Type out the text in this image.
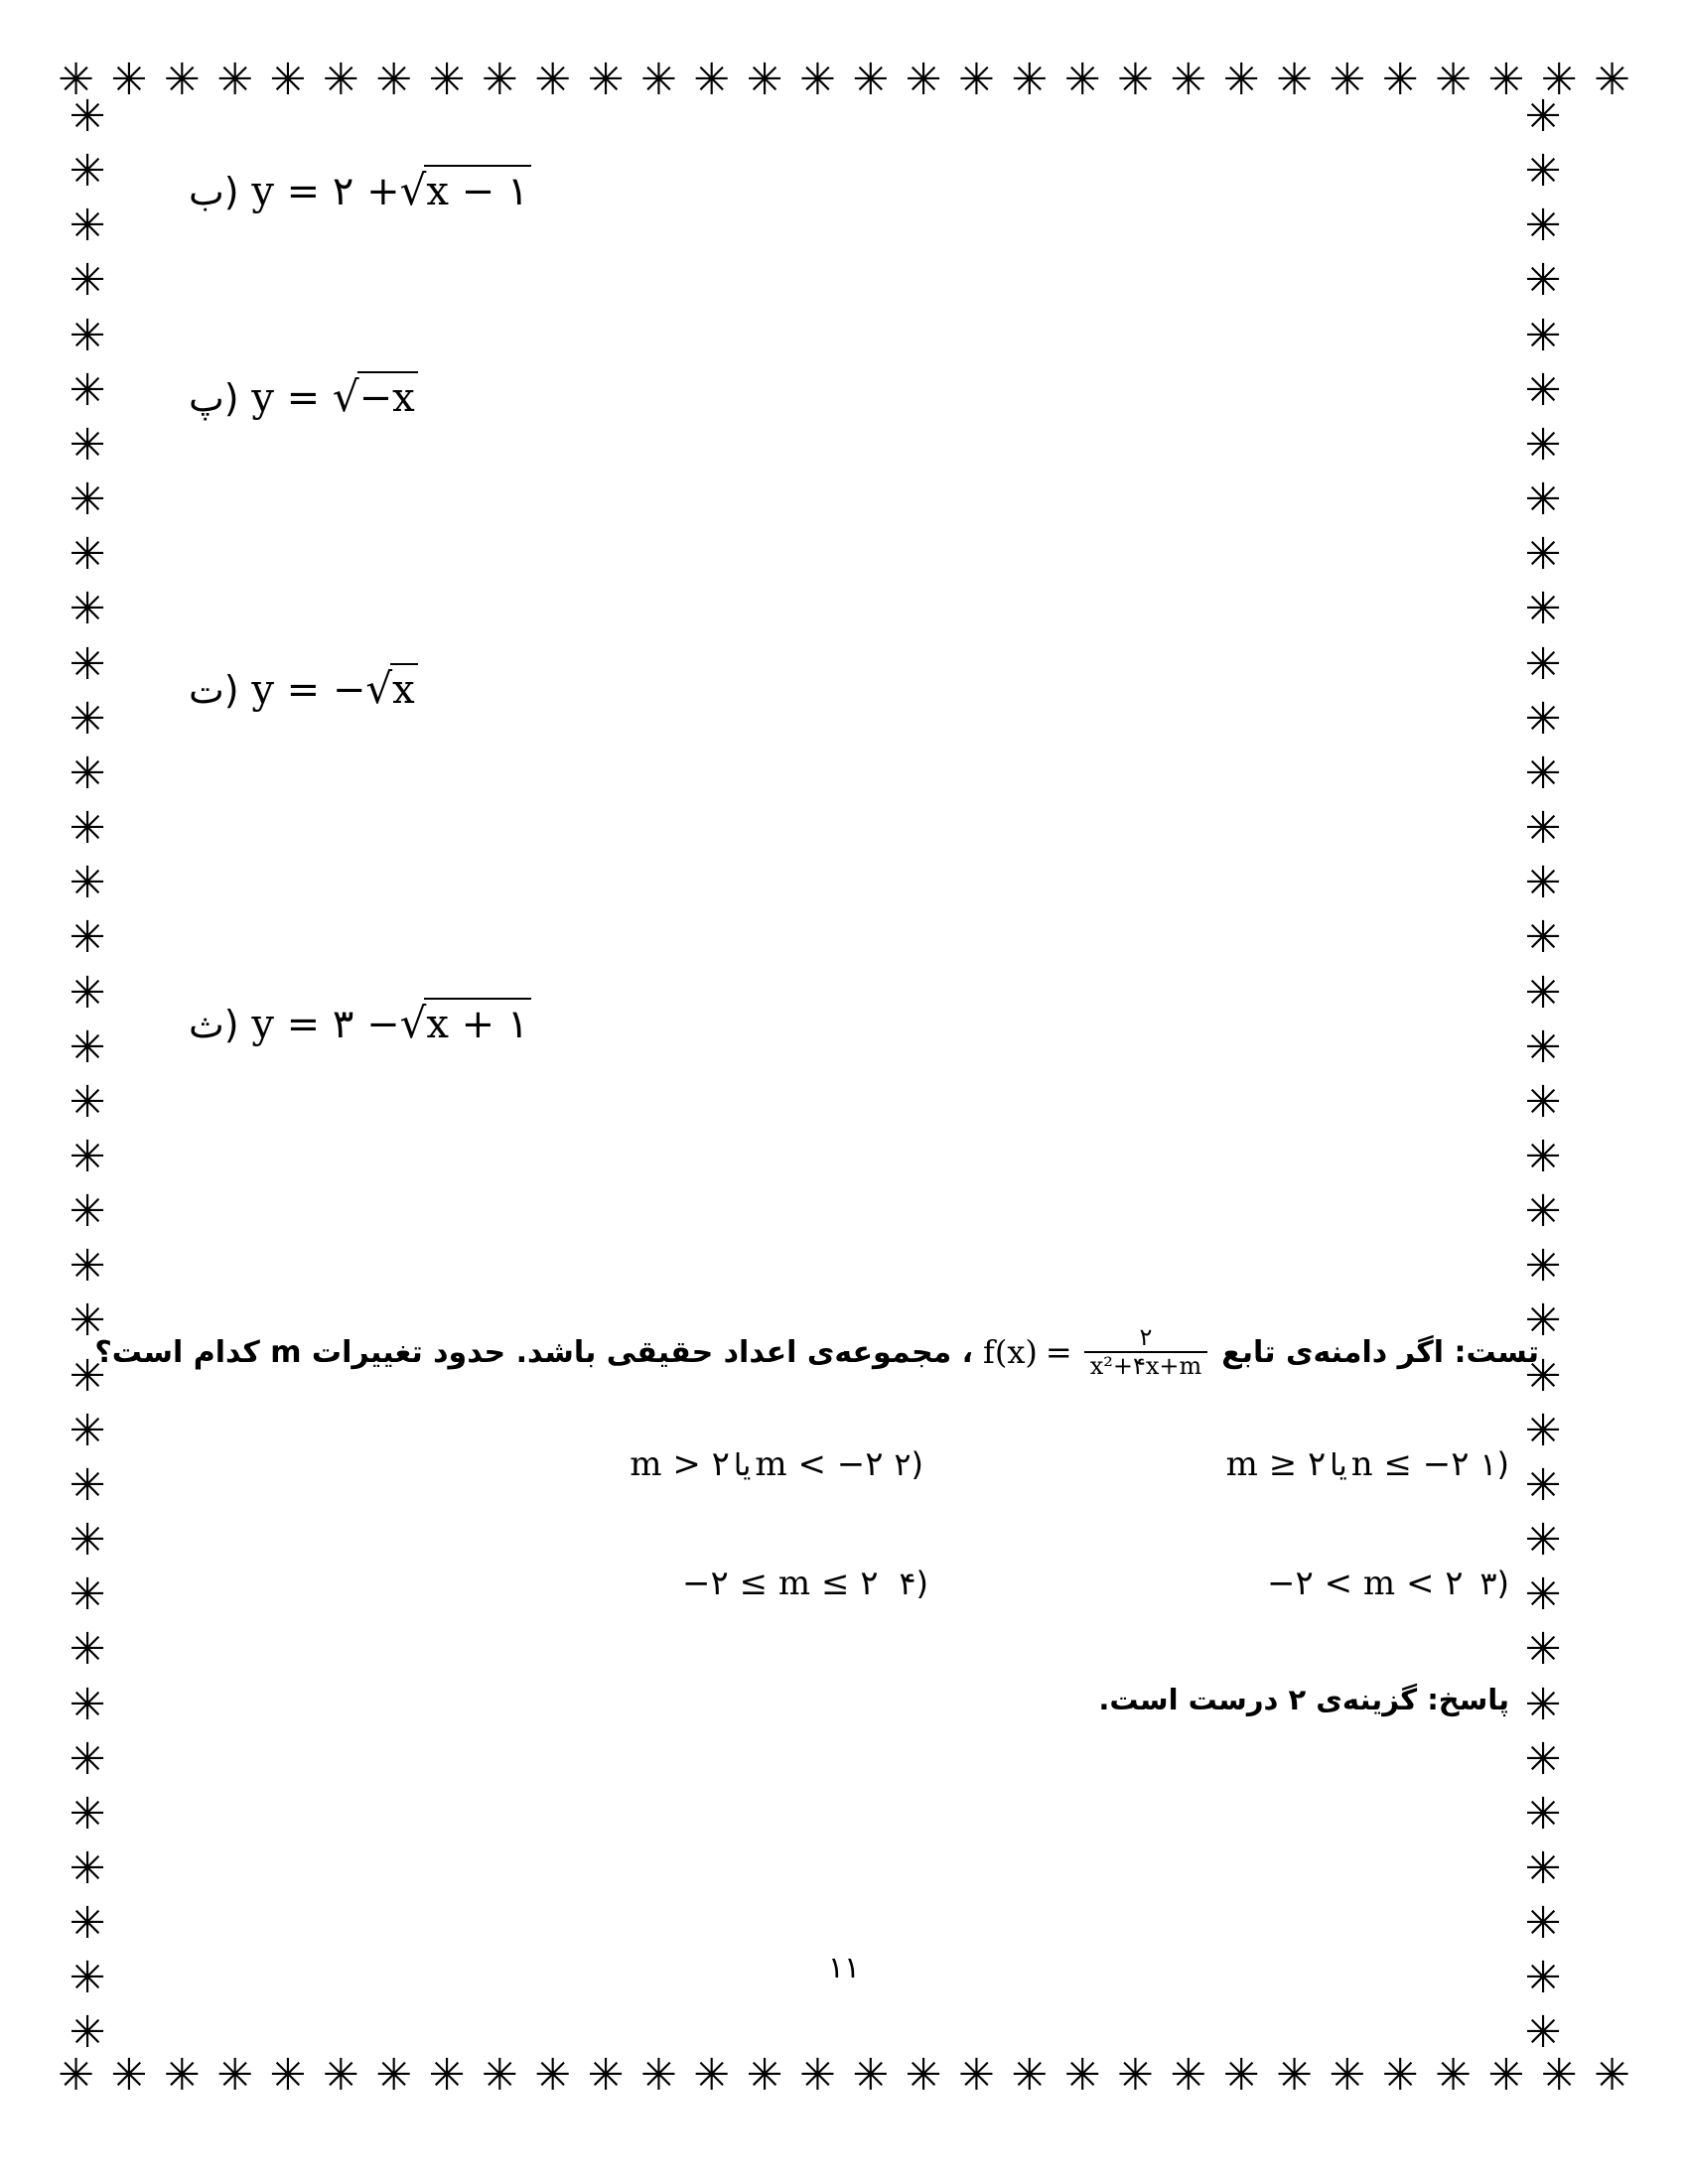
✳
✳
✳
✳
✳
✳
✳
✳
✳
✳
✳
✳
✳
✳
✳
✳
✳
✳
✳
✳
✳
✳
✳
✳
✳
✳
✳
✳
✳
✳
✳
✳
✳
✳
✳
✳
✳
✳
✳
✳
✳
✳
✳
✳
✳
✳
✳
✳
✳
✳
✳
✳
✳
✳
✳
✳
✳
✳
✳
✳
✳
✳
✳
✳
✳
✳
✳
✳
✳
✳
✳
✳
✳
✳
✳
✳
✳
✳
✳
✳
✳
✳
✳
✳
✳
✳
✳
✳
✳
✳
✳
✳
✳
✳
✳
✳
✳
✳
✳
✳
✳
✳
✳
✳
✳
✳
✳
✳
✳
✳
✳
✳
✳
✳
✳
✳
✳
✳
✳
✳
✳
✳
✳
✳
✳
✳
✳
✳
✳
✳
✳
✳
ب) y = ٢ +√x − ١
پ) y = √−x
ت) y = −√x
ث) y = ٣ −√x + ١
تست: اگر دامنه‌ی تابع
$f(x) = \frac{٢}{\text{x²+۴x+m}}$
، مجموعه‌ی اعداد حقیقی باشد. حدود تغییرات m کدام است؟
(١ n ≤ −٢یاm ≥ ٢
(٢ m < −٢یاm > ٢
(٣ −٢ < m < ٢
(۴ −٢ ≤ m ≤ ٢
پاسخ: گزینه‌ی ٢ درست است.
١١
